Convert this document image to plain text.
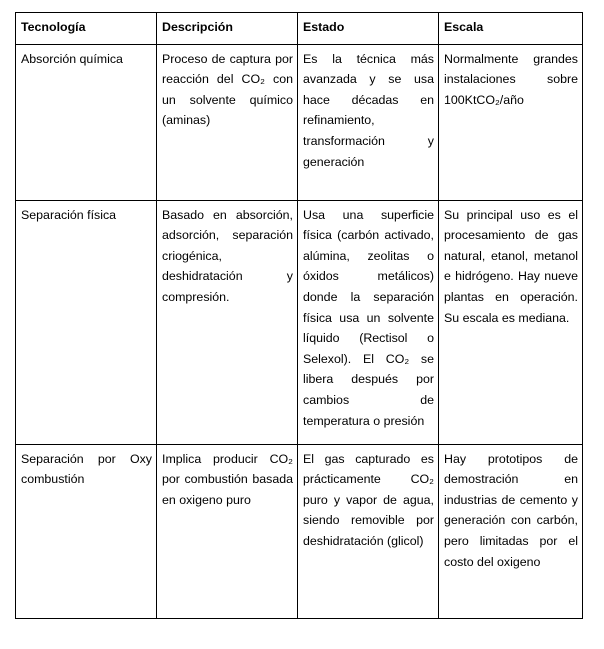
Tecnología	Descripción	Estado	Escala
Absorción química	Proceso de captura por reacción del CO₂ con un solvente químico (aminas)	Es la técnica más avanzada y se usa hace décadas en refinamiento, transformación y generación	Normalmente grandes instalaciones sobre 100KtCO₂/año
Separación física	Basado en absorción, adsorción, separación criogénica, deshidratación y compresión.	Usa una superficie física (carbón activado, alúmina, zeolitas o óxidos metálicos) donde la separación física usa un solvente líquido (Rectisol o Selexol). El CO₂ se libera después por cambios de temperatura o presión	Su principal uso es el procesamiento de gas natural, etanol, metanol e hidrógeno. Hay nueve plantas en operación. Su escala es mediana.
Separación por Oxy combustión	Implica producir CO₂ por combustión basada en oxigeno puro	El gas capturado es prácticamente CO₂ puro y vapor de agua, siendo removible por deshidratación (glicol)	Hay prototipos de demostración en industrias de cemento y generación con carbón, pero limitadas por el costo del oxigeno
